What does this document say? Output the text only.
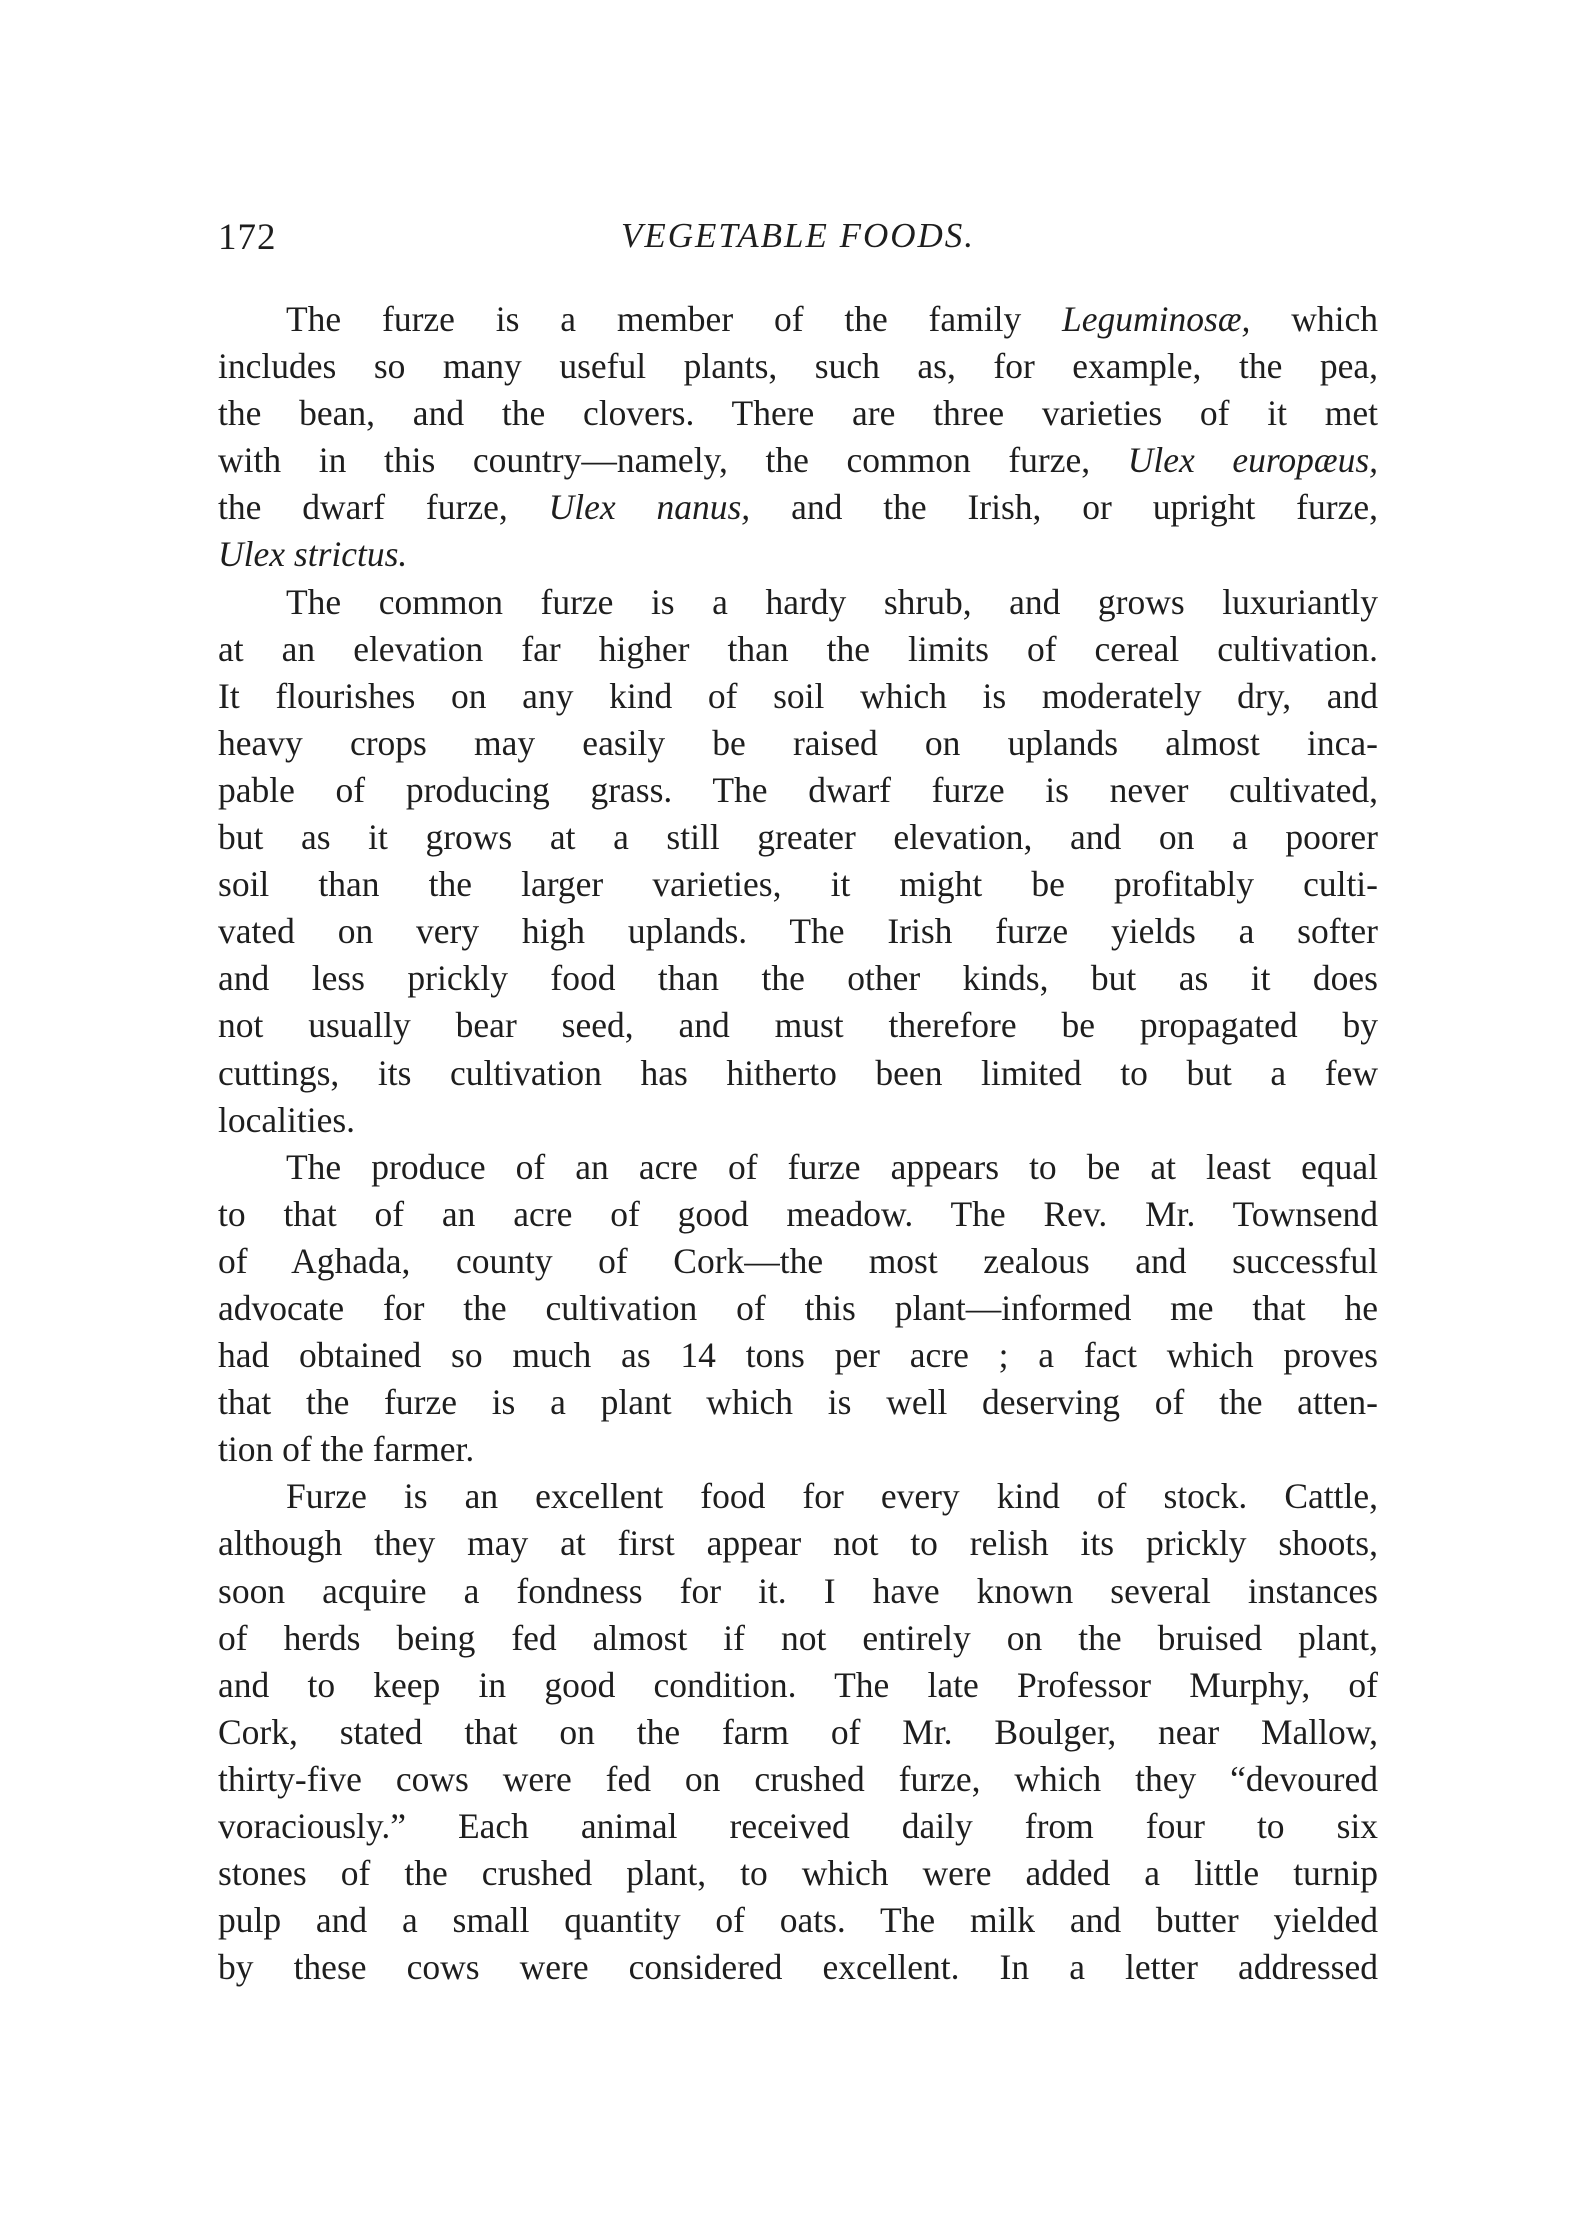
172	VEGETABLE FOODS.
The furze is a member of the family Leguminosæ, which
includes so many useful plants, such as, for example, the pea,
the bean, and the clovers. There are three varieties of it met
with in this country—namely, the common furze, Ulex europæus,
the dwarf furze, Ulex nanus, and the Irish, or upright furze,
Ulex strictus.
The common furze is a hardy shrub, and grows luxuriantly
at an elevation far higher than the limits of cereal cultivation.
It flourishes on any kind of soil which is moderately dry, and
heavy crops may easily be raised on uplands almost inca-
pable of producing grass. The dwarf furze is never cultivated,
but as it grows at a still greater elevation, and on a poorer
soil than the larger varieties, it might be profitably culti-
vated on very high uplands. The Irish furze yields a softer
and less prickly food than the other kinds, but as it does
not usually bear seed, and must therefore be propagated by
cuttings, its cultivation has hitherto been limited to but a few
localities.
The produce of an acre of furze appears to be at least equal
to that of an acre of good meadow. The Rev. Mr. Townsend
of Aghada, county of Cork—the most zealous and successful
advocate for the cultivation of this plant—informed me that he
had obtained so much as 14 tons per acre ; a fact which proves
that the furze is a plant which is well deserving of the atten-
tion of the farmer.
Furze is an excellent food for every kind of stock. Cattle,
although they may at first appear not to relish its prickly shoots,
soon acquire a fondness for it. I have known several instances
of herds being fed almost if not entirely on the bruised plant,
and to keep in good condition. The late Professor Murphy, of
Cork, stated that on the farm of Mr. Boulger, near Mallow,
thirty-five cows were fed on crushed furze, which they “devoured
voraciously.” Each animal received daily from four to six
stones of the crushed plant, to which were added a little turnip
pulp and a small quantity of oats. The milk and butter yielded
by these cows were considered excellent. In a letter addressed
